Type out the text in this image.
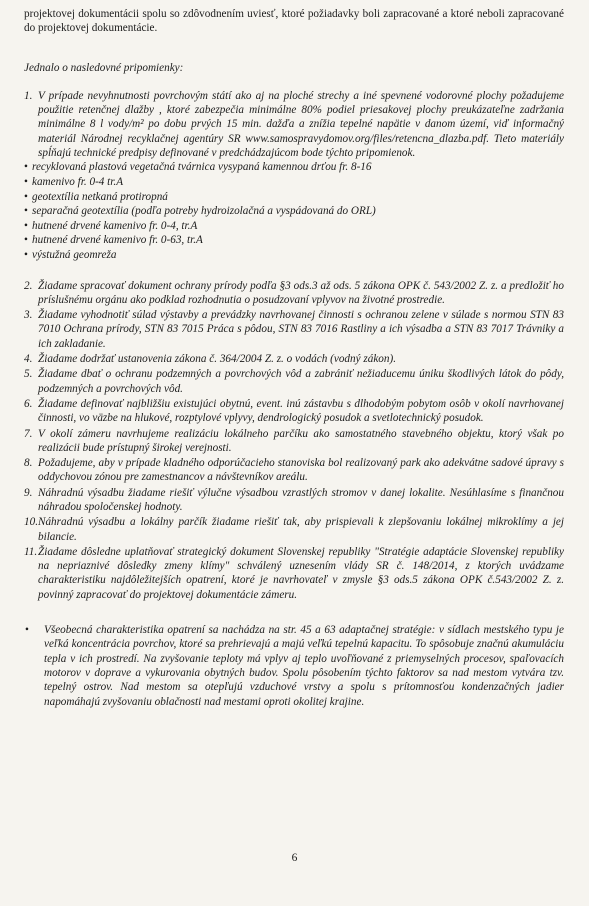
projektovej dokumentácii spolu so zdôvodnením uviesť, ktoré požiadavky boli zapracované a ktoré neboli zapracované do projektovej dokumentácie.

Jednalo o nasledovné pripomienky:

1. V prípade nevyhnutnosti povrchovým státí ako aj na ploché strechy a iné spevnené vodorovné plochy požadujeme použitie retenčnej dlažby , ktoré zabezpečia minimálne 80% podiel priesakovej plochy preukázateľne zadržania minimálne 8 l vody/m² po dobu prvých 15 min. dažďa a znížia tepelné napätie v danom území, viď informačný materiál Národnej recyklačnej agentúry SR www.samospravydomov.org/files/retencna_dlazba.pdf. Tieto materiály spĺňajú technické predpisy definované v predchádzajúcom bode týchto pripomienok.
• recyklovaná plastová vegetačná tvárnica vysypaná kamennou drťou fr. 8-16
• kamenivo fr. 0-4 tr.A
• geotextília netkaná protiropná
• separačná geotextília (podľa potreby hydroizolačná a vyspádovaná do ORL)
• hutnené drvené kamenivo fr. 0-4, tr.A
• hutnené drvené kamenivo fr. 0-63, tr.A
• výstužná geomreža
2. Žiadame spracovať dokument ochrany prírody podľa §3 ods.3 až ods. 5 zákona OPK č. 543/2002 Z. z. a predložiť ho príslušnému orgánu ako podklad rozhodnutia o posudzovaní vplyvov na životné prostredie.
3. Žiadame vyhodnotiť súlad výstavby a prevádzky navrhovanej činnosti s ochranou zelene v súlade s normou STN 83 7010 Ochrana prírody, STN 83 7015 Práca s pôdou, STN 83 7016 Rastliny a ich výsadba a STN 83 7017 Trávniky a ich zakladanie.
4. Žiadame dodržať ustanovenia zákona č. 364/2004 Z. z. o vodách (vodný zákon).
5. Žiadame dbať o ochranu podzemných a povrchových vôd a zabrániť nežiaducemu úniku škodlivých látok do pôdy, podzemných a povrchových vôd.
6. Žiadame definovať najbližšiu existujúci obytnú, event. inú zástavbu s dlhodobým pobytom osôb v okolí navrhovanej činnosti, vo väzbe na hlukové, rozptylové vplyvy, dendrologický posudok a svetlotechnický posudok.
7. V okolí zámeru navrhujeme realizáciu lokálneho parčíku ako samostatného stavebného objektu, ktorý však po realizácii bude prístupný širokej verejnosti.
8. Požadujeme, aby v prípade kladného odporúčacieho stanoviska bol realizovaný park ako adekvátne sadové úpravy s oddychovou zónou pre zamestnancov a návštevníkov areálu.
9. Náhradnú výsadbu žiadame riešiť výlučne výsadbou vzrastlých stromov v danej lokalite. Nesúhlasíme s finančnou náhradou spoločenskej hodnoty.
10. Náhradnú výsadbu a lokálny parčík žiadame riešiť tak, aby prispievali k zlepšovaniu lokálnej mikroklímy a jej bilancie.
11. Žiadame dôsledne uplatňovať strategický dokument Slovenskej republiky "Stratégie adaptácie Slovenskej republiky na nepriaznivé dôsledky zmeny klímy" schválený uznesením vlády SR č. 148/2014, z ktorých uvádzame charakteristiku najdôležitejších opatrení, ktoré je navrhovateľ v zmysle §3 ods.5 zákona OPK č.543/2002 Z. z. povinný zapracovať do projektovej dokumentácie zámeru.
•	Všeobecná charakteristika opatrení sa nachádza na str. 45 a 63 adaptačnej stratégie: v sídlach mestského typu je veľká koncentrácia povrchov, ktoré sa prehrievajú a majú veľkú tepelnú kapacitu. To spôsobuje značnú akumuláciu tepla v ich prostredí. Na zvyšovanie teploty má vplyv aj teplo uvoľňované z priemyselných procesov, spaľovacích motorov v doprave a vykurovania obytných budov. Spolu pôsobením týchto faktorov sa nad mestom vytvára tzv. tepelný ostrov. Nad mestom sa otepľujú vzduchové vrstvy a spolu s prítomnosťou kondenzačných jadier napomáhajú zvyšovaniu oblačnosti nad mestami oproti okolitej krajine.
6
